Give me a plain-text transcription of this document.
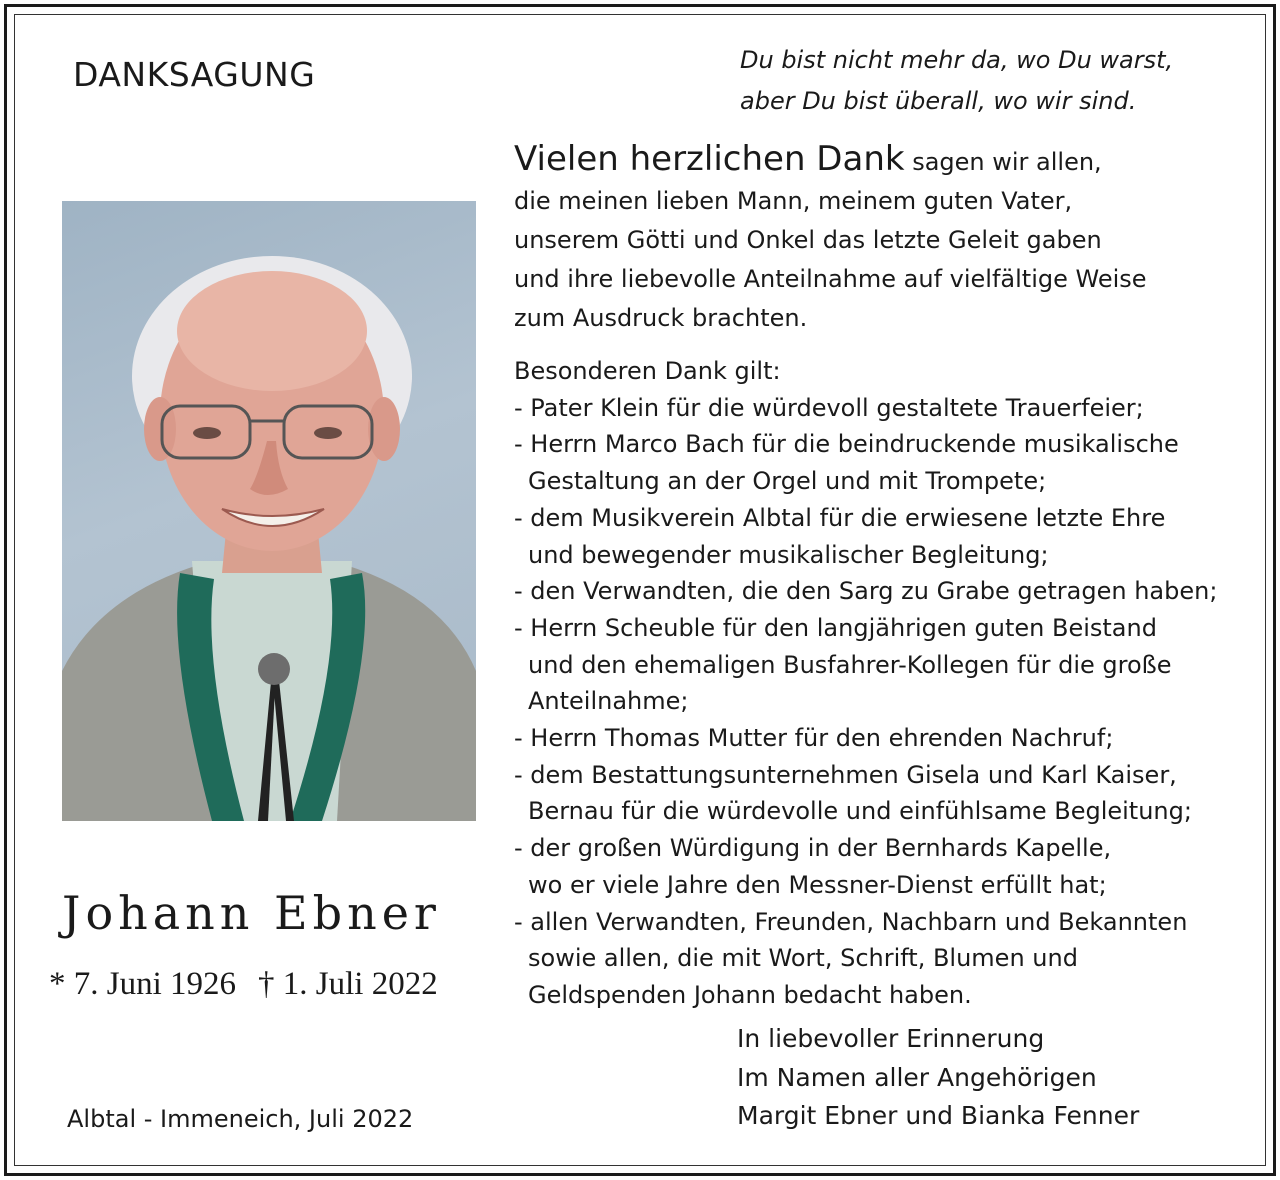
DANKSAGUNG	Du bist nicht mehr da, wo Du warst,
aber Du bist überall, wo wir sind.
Vielen herzlichen Dank sagen wir allen,
die meinen lieben Mann, meinem guten Vater,
unserem Götti und Onkel das letzte Geleit gaben
und ihre liebevolle Anteilnahme auf vielfältige Weise
zum Ausdruck brachten.
Besonderen Dank gilt:
- Pater Klein für die würdevoll gestaltete Trauerfeier;
- Herrn Marco Bach für die beindruckende musikalische
Gestaltung an der Orgel und mit Trompete;
- dem Musikverein Albtal für die erwiesene letzte Ehre
und bewegender musikalischer Begleitung;
- den Verwandten, die den Sarg zu Grabe getragen haben;
- Herrn Scheuble für den langjährigen guten Beistand
und den ehemaligen Busfahrer-Kollegen für die große
Anteilnahme;
- Herrn Thomas Mutter für den ehrenden Nachruf;
- dem Bestattungsunternehmen Gisela und Karl Kaiser,
Bernau für die würdevolle und einfühlsame Begleitung;
- der großen Würdigung in der Bernhards Kapelle,
wo er viele Jahre den Messner-Dienst erfüllt hat;
- allen Verwandten, Freunden, Nachbarn und Bekannten
sowie allen, die mit Wort, Schrift, Blumen und
Geldspenden Johann bedacht haben.
In liebevoller Erinnerung
Im Namen aller Angehörigen
Margit Ebner und Bianka Fenner
Johann Ebner
* 7. Juni 1926 † 1. Juli 2022
Albtal - Immeneich, Juli 2022
